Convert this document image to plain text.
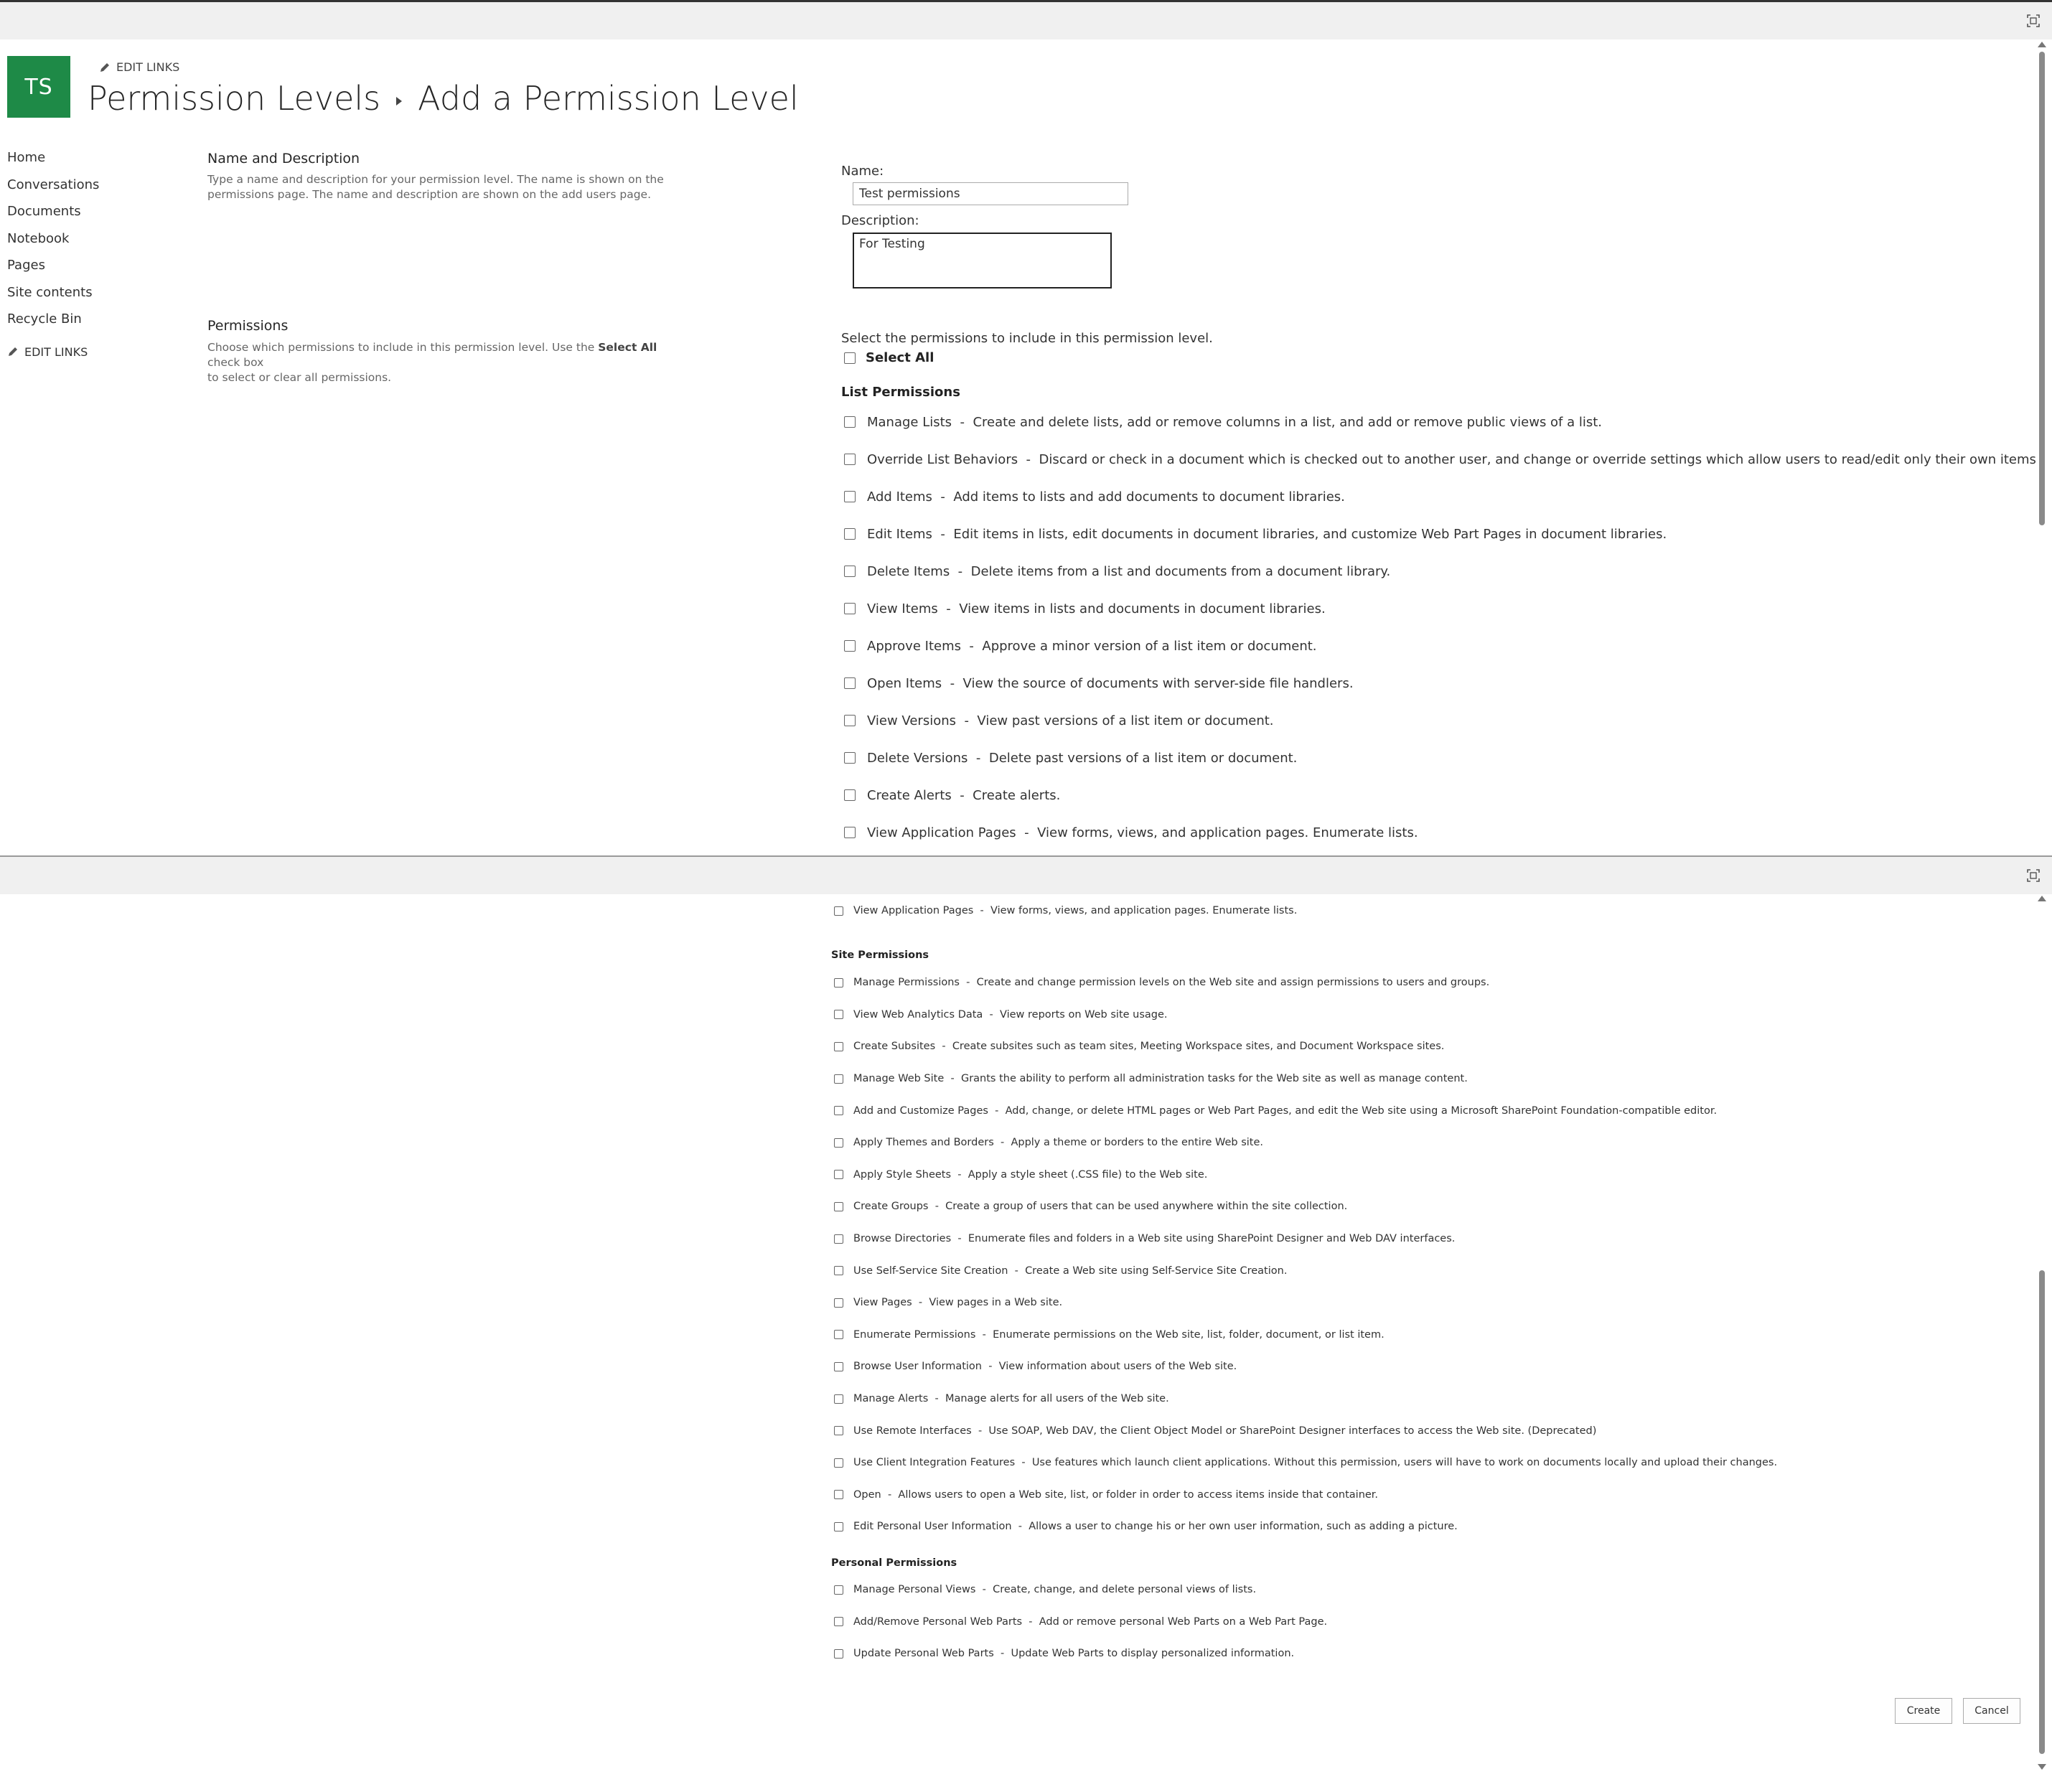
TS
EDIT LINKS
Permission Levels Add a Permission Level
Home
Conversations
Documents
Notebook
Pages
Site contents
Recycle Bin
EDIT LINKS
Name and Description
Type a name and description for your permission level. The name is shown on the
permissions page. The name and description are shown on the add users page.
Name:
Test permissions
Description:
For Testing
Permissions
Choose which permissions to include in this permission level. Use the Select All check box
to select or clear all permissions.
Select the permissions to include in this permission level.
Select All
List Permissions
Manage Lists - Create and delete lists, add or remove columns in a list, and add or remove public views of a list.
Override List Behaviors - Discard or check in a document which is checked out to another user, and change or override settings which allow users to read/edit only their own items
Add Items - Add items to lists and add documents to document libraries.
Edit Items - Edit items in lists, edit documents in document libraries, and customize Web Part Pages in document libraries.
Delete Items - Delete items from a list and documents from a document library.
View Items - View items in lists and documents in document libraries.
Approve Items - Approve a minor version of a list item or document.
Open Items - View the source of documents with server-side file handlers.
View Versions - View past versions of a list item or document.
Delete Versions - Delete past versions of a list item or document.
Create Alerts - Create alerts.
View Application Pages - View forms, views, and application pages. Enumerate lists.
View Application Pages - View forms, views, and application pages. Enumerate lists.
Site Permissions
Manage Permissions - Create and change permission levels on the Web site and assign permissions to users and groups.
View Web Analytics Data - View reports on Web site usage.
Create Subsites - Create subsites such as team sites, Meeting Workspace sites, and Document Workspace sites.
Manage Web Site - Grants the ability to perform all administration tasks for the Web site as well as manage content.
Add and Customize Pages - Add, change, or delete HTML pages or Web Part Pages, and edit the Web site using a Microsoft SharePoint Foundation-compatible editor.
Apply Themes and Borders - Apply a theme or borders to the entire Web site.
Apply Style Sheets - Apply a style sheet (.CSS file) to the Web site.
Create Groups - Create a group of users that can be used anywhere within the site collection.
Browse Directories - Enumerate files and folders in a Web site using SharePoint Designer and Web DAV interfaces.
Use Self-Service Site Creation - Create a Web site using Self-Service Site Creation.
View Pages - View pages in a Web site.
Enumerate Permissions - Enumerate permissions on the Web site, list, folder, document, or list item.
Browse User Information - View information about users of the Web site.
Manage Alerts - Manage alerts for all users of the Web site.
Use Remote Interfaces - Use SOAP, Web DAV, the Client Object Model or SharePoint Designer interfaces to access the Web site. (Deprecated)
Use Client Integration Features - Use features which launch client applications. Without this permission, users will have to work on documents locally and upload their changes.
Open - Allows users to open a Web site, list, or folder in order to access items inside that container.
Edit Personal User Information - Allows a user to change his or her own user information, such as adding a picture.
Personal Permissions
Manage Personal Views - Create, change, and delete personal views of lists.
Add/Remove Personal Web Parts - Add or remove personal Web Parts on a Web Part Page.
Update Personal Web Parts - Update Web Parts to display personalized information.
Create	Cancel
